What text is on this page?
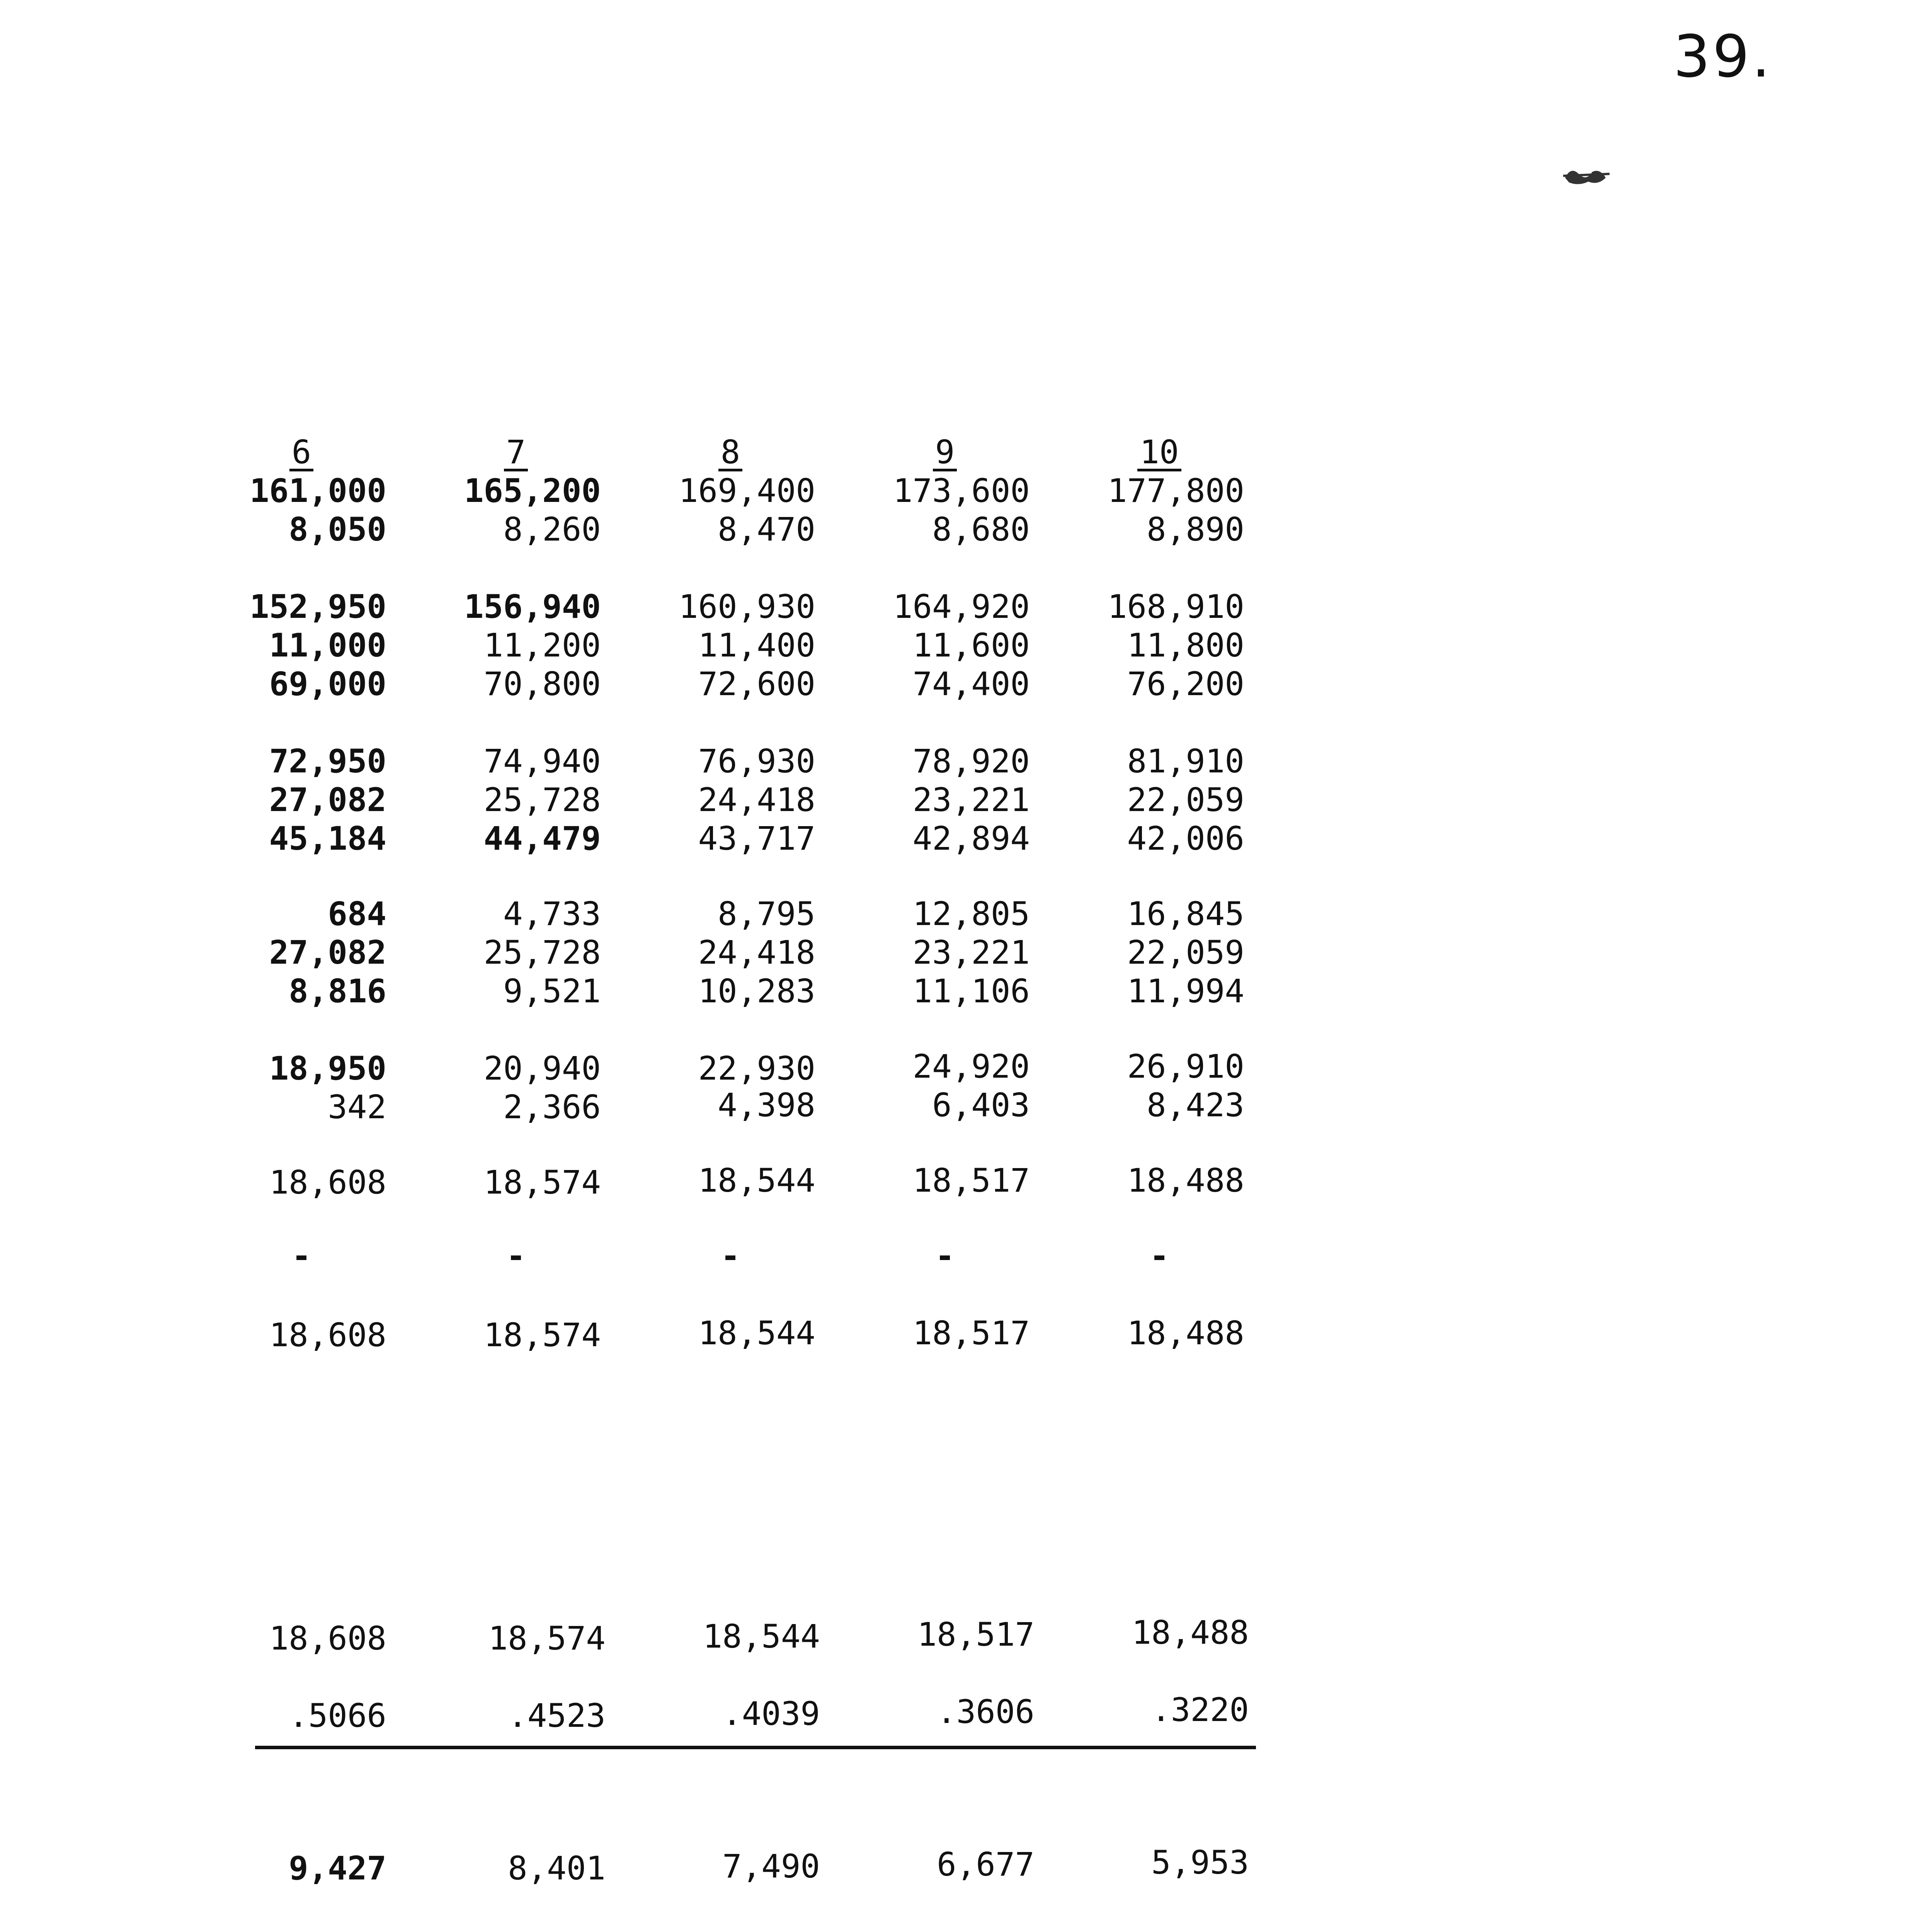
39.
6
161,000
8,050
152,950
11,000
69,000
72,950
27,082
45,184
684
27,082
8,816
18,950
342
18,608
-
18,608
18,608
.5066
9,427
7
165,200
8,260
156,940
11,200
70,800
74,940
25,728
44,479
4,733
25,728
9,521
20,940
2,366
18,574
-
18,574
18,574
.4523
8,401
8
169,400
8,470
160,930
11,400
72,600
76,930
24,418
43,717
8,795
24,418
10,283
22,930
4,398
18,544
-
18,544
18,544
.4039
7,490
9
173,600
8,680
164,920
11,600
74,400
78,920
23,221
42,894
12,805
23,221
11,106
24,920
6,403
18,517
-
18,517
18,517
.3606
6,677
10
177,800
8,890
168,910
11,800
76,200
81,910
22,059
42,006
16,845
22,059
11,994
26,910
8,423
18,488
-
18,488
18,488
.3220
5,953
